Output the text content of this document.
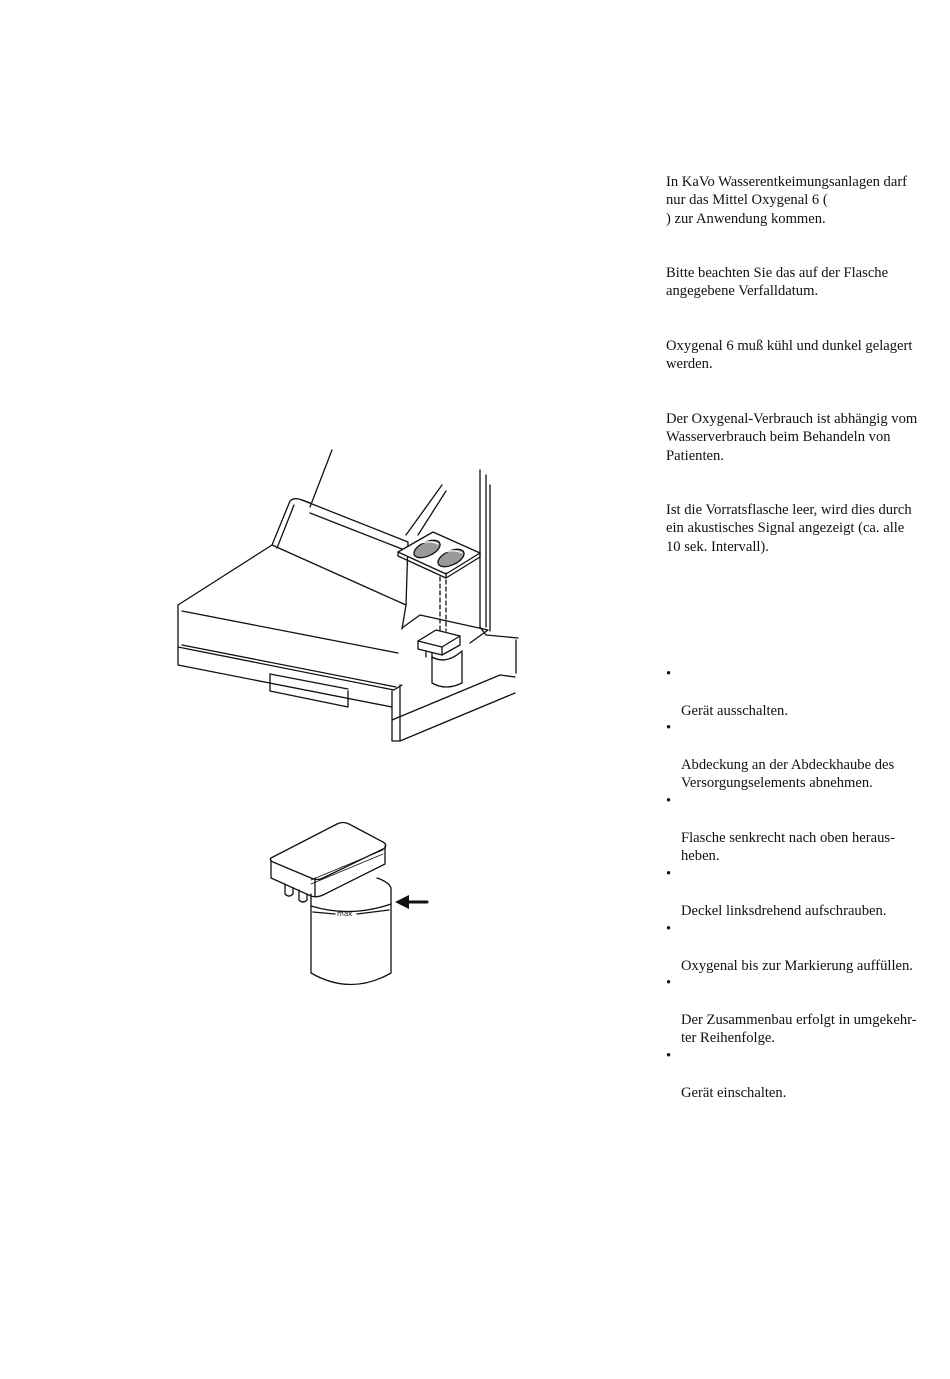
max

In KaVo Wasserentkeimungsanlagen darf
nur das Mittel Oxygenal 6 (
) zur Anwendung kommen.

Bitte beachten Sie das auf der Flasche
angegebene Verfalldatum.

Oxygenal 6 muß kühl und dunkel gelagert
werden.

Der Oxygenal-Verbrauch ist abhängig vom
Wasserverbrauch beim Behandeln von
Patienten.

Ist die Vorratsflasche leer, wird dies durch
ein akustisches Signal angezeigt (ca. alle
10 sek. Intervall).

•

Gerät ausschalten.

•

Abdeckung an der Abdeckhaube des
Versorgungselements abnehmen.

•

Flasche senkrecht nach oben heraus-
heben.

•

Deckel linksdrehend aufschrauben.

•

Oxygenal bis zur Markierung auffüllen.

•

Der Zusammenbau erfolgt in umgekehr-
ter Reihenfolge.

•

Gerät einschalten.
